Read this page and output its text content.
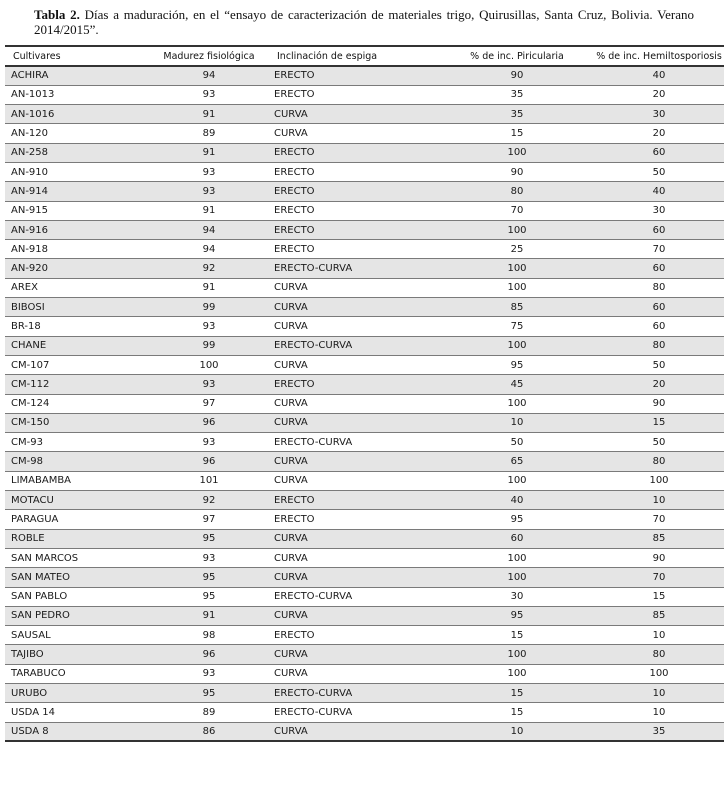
Tabla 2. Días a maduración, en el “ensayo de caracterización de materiales trigo, Quirusillas, Santa Cruz, Bolivia. Verano 2014/2015”.
Cultivares	Madurez fisiológica	Inclinación de espiga	% de inc. Piricularia	% de inc. Hemiltosporiosis
ACHIRA	94	ERECTO	90	40
AN-1013	93	ERECTO	35	20
AN-1016	91	CURVA	35	30
AN-120	89	CURVA	15	20
AN-258	91	ERECTO	100	60
AN-910	93	ERECTO	90	50
AN-914	93	ERECTO	80	40
AN-915	91	ERECTO	70	30
AN-916	94	ERECTO	100	60
AN-918	94	ERECTO	25	70
AN-920	92	ERECTO-CURVA	100	60
AREX	91	CURVA	100	80
BIBOSI	99	CURVA	85	60
BR-18	93	CURVA	75	60
CHANE	99	ERECTO-CURVA	100	80
CM-107	100	CURVA	95	50
CM-112	93	ERECTO	45	20
CM-124	97	CURVA	100	90
CM-150	96	CURVA	10	15
CM-93	93	ERECTO-CURVA	50	50
CM-98	96	CURVA	65	80
LIMABAMBA	101	CURVA	100	100
MOTACU	92	ERECTO	40	10
PARAGUA	97	ERECTO	95	70
ROBLE	95	CURVA	60	85
SAN MARCOS	93	CURVA	100	90
SAN MATEO	95	CURVA	100	70
SAN PABLO	95	ERECTO-CURVA	30	15
SAN PEDRO	91	CURVA	95	85
SAUSAL	98	ERECTO	15	10
TAJIBO	96	CURVA	100	80
TARABUCO	93	CURVA	100	100
URUBO	95	ERECTO-CURVA	15	10
USDA 14	89	ERECTO-CURVA	15	10
USDA 8	86	CURVA	10	35
